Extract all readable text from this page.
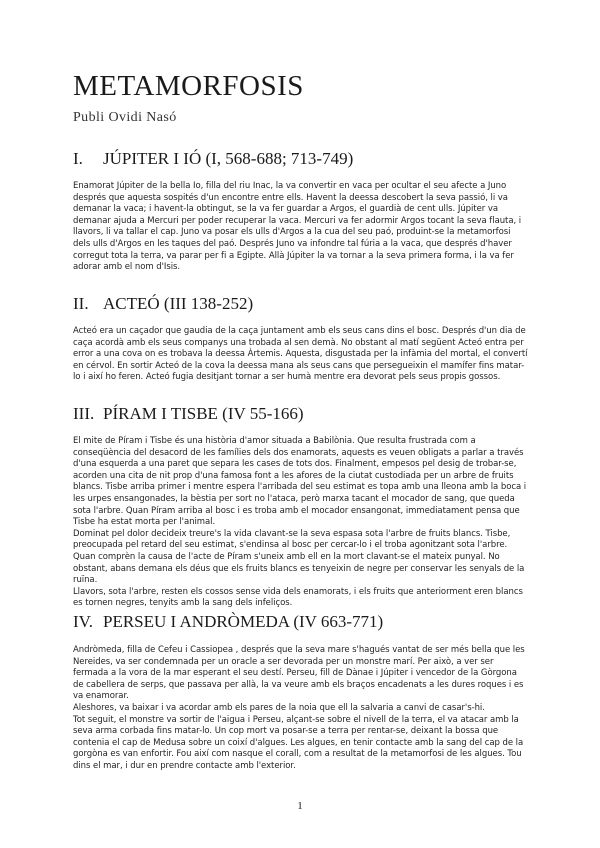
METAMORFOSIS
Publi Ovidi Nasó
I. JÚPITER I IÓ (I, 568-688; 713-749)

Enamorat Júpiter de la bella Io, filla del riu Inac, la va convertir en vaca per ocultar el seu afecte a Juno després que aquesta sospités d'un encontre entre ells. Havent la deessa descobert la seva passió, li va demanar la vaca; i havent-la obtingut, se la va fer guardar a Argos, el guardià de cent ulls. Júpiter va demanar ajuda a Mercuri per poder recuperar la vaca. Mercuri va fer adormir Argos tocant la seva flauta, i llavors, li va tallar el cap. Juno va posar els ulls d'Argos a la cua del seu paó, produint-se la metamorfosi dels ulls d'Argos en les taques del paó. Després Juno va infondre tal fúria a la vaca, que després d'haver corregut tota la terra, va parar per fi a Egipte. Allà Júpiter la va tornar a la seva primera forma, i la va fer adorar amb el nom d'Isis.

II. ACTEÓ (III 138-252)

Acteó era un caçador que gaudia de la caça juntament amb els seus cans dins el bosc. Després d'un dia de caça acordà amb els seus companys una trobada al sen demà. No obstant al matí següent Acteó entra per error a una cova on es trobava la deessa Àrtemis. Aquesta, disgustada per la infàmia del mortal, el convertí en cérvol. En sortir Acteó de la cova la deessa mana als seus cans que persegueixin el mamífer fins matar-lo i així ho feren. Acteó fugia desitjant tornar a ser humà mentre era devorat pels seus propis gossos.

III. PÍRAM I TISBE (IV 55-166)

El mite de Píram i Tisbe és una història d'amor situada a Babilònia. Que resulta frustrada com a conseqüència del desacord de les famílies dels dos enamorats, aquests es veuen obligats a parlar a través d'una esquerda a una paret que separa les cases de tots dos. Finalment, empesos pel desig de trobar-se, acorden una cita de nit prop d'una famosa font a les afores de la ciutat custodiada per un arbre de fruits blancs. Tisbe arriba primer i mentre espera l'arribada del seu estimat es topa amb una lleona amb la boca i les urpes ensangonades, la bèstia per sort no l'ataca, però marxa tacant el mocador de sang, que queda sota l'arbre. Quan Píram arriba al bosc i es troba amb el mocador ensangonat, immediatament pensa que Tisbe ha estat morta per l'animal.

Dominat pel dolor decideix treure's la vida clavant-se la seva espasa sota l'arbre de fruits blancs. Tisbe, preocupada pel retard del seu estimat, s'endinsa al bosc per cercar-lo i el troba agonitzant sota l'arbre. Quan comprèn la causa de l'acte de Píram s'uneix amb ell en la mort clavant-se el mateix punyal. No obstant, abans demana els déus que els fruits blancs es tenyeixin de negre per conservar les senyals de la ruïna.

Llavors, sota l'arbre, resten els cossos sense vida dels enamorats, i els fruits que anteriorment eren blancs es tornen negres, tenyits amb la sang dels infeliços.

IV. PERSEU I ANDRÒMEDA (IV 663-771)

Andròmeda, filla de Cefeu i Cassiopea , després que la seva mare s'hagués vantat de ser més bella que les Nereides, va ser condemnada per un oracle a ser devorada per un monstre marí. Per això, a ver ser fermada a la vora de la mar esperant el seu destí. Perseu, fill de Dànae i Júpiter i vencedor de la Gòrgona de cabellera de serps, que passava per allà, la va veure amb els braços encadenats a les dures roques i es va enamorar.

Aleshores, va baixar i va acordar amb els pares de la noia que ell la salvaria a canvi de casar's-hi.

Tot seguit, el monstre va sortir de l'aigua i Perseu, alçant-se sobre el nivell de la terra, el va atacar amb la seva arma corbada fins matar-lo. Un cop mort va posar-se a terra per rentar-se, deixant la bossa que contenia el cap de Medusa sobre un coixí d'algues. Les algues, en tenir contacte amb la sang del cap de la gorgòna es van enfortir. Fou així com nasque el corall, com a resultat de la metamorfosi de les algues. Tou dins el mar, i dur en prendre contacte amb l'exterior.

1
